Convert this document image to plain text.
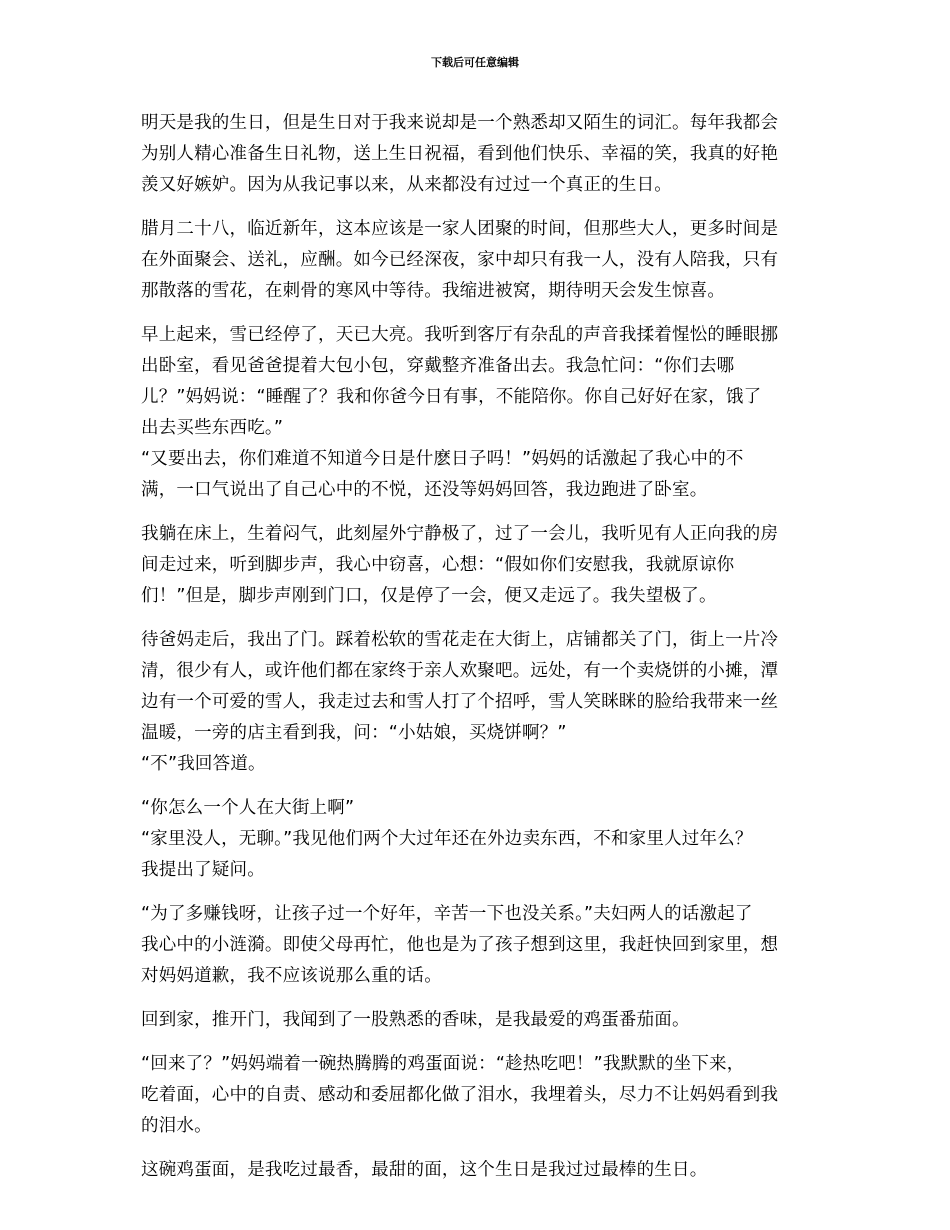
下载后可任意编辑
明天是我的生日，但是生日对于我来说却是一个熟悉却又陌生的词汇。每年我都会
为别人精心准备生日礼物，送上生日祝福，看到他们快乐、幸福的笑，我真的好艳
羡又好嫉妒。因为从我记事以来，从来都没有过过一个真正的生日。
腊月二十八，临近新年，这本应该是一家人团聚的时间，但那些大人，更多时间是
在外面聚会、送礼，应酬。如今已经深夜，家中却只有我一人，没有人陪我，只有
那散落的雪花，在刺骨的寒风中等待。我缩进被窝，期待明天会发生惊喜。
早上起来，雪已经停了，天已大亮。我听到客厅有杂乱的声音我揉着惺忪的睡眼挪
出卧室，看见爸爸提着大包小包，穿戴整齐准备出去。我急忙问：“你们去哪
儿？”妈妈说：“睡醒了？我和你爸今日有事，不能陪你。你自己好好在家，饿了
出去买些东西吃。”
“又要出去，你们难道不知道今日是什麽日子吗！”妈妈的话激起了我心中的不
满，一口气说出了自己心中的不悦，还没等妈妈回答，我边跑进了卧室。
我躺在床上，生着闷气，此刻屋外宁静极了，过了一会儿，我听见有人正向我的房
间走过来，听到脚步声，我心中窃喜，心想：“假如你们安慰我，我就原谅你
们！”但是，脚步声刚到门口，仅是停了一会，便又走远了。我失望极了。
待爸妈走后，我出了门。踩着松软的雪花走在大街上，店铺都关了门，街上一片冷
清，很少有人，或许他们都在家终于亲人欢聚吧。远处，有一个卖烧饼的小摊，潭
边有一个可爱的雪人，我走过去和雪人打了个招呼，雪人笑眯眯的脸给我带来一丝
温暖，一旁的店主看到我，问：“小姑娘，买烧饼啊？”
“不”我回答道。
“你怎么一个人在大街上啊”
“家里没人，无聊。”我见他们两个大过年还在外边卖东西，不和家里人过年么？
我提出了疑问。
“为了多赚钱呀，让孩子过一个好年，辛苦一下也没关系。”夫妇两人的话激起了
我心中的小涟漪。即使父母再忙，他也是为了孩子想到这里，我赶快回到家里，想
对妈妈道歉，我不应该说那么重的话。
回到家，推开门，我闻到了一股熟悉的香味，是我最爱的鸡蛋番茄面。
“回来了？”妈妈端着一碗热腾腾的鸡蛋面说：“趁热吃吧！”我默默的坐下来，
吃着面，心中的自责、感动和委屈都化做了泪水，我埋着头，尽力不让妈妈看到我
的泪水。
这碗鸡蛋面，是我吃过最香，最甜的面，这个生日是我过过最棒的生日。
